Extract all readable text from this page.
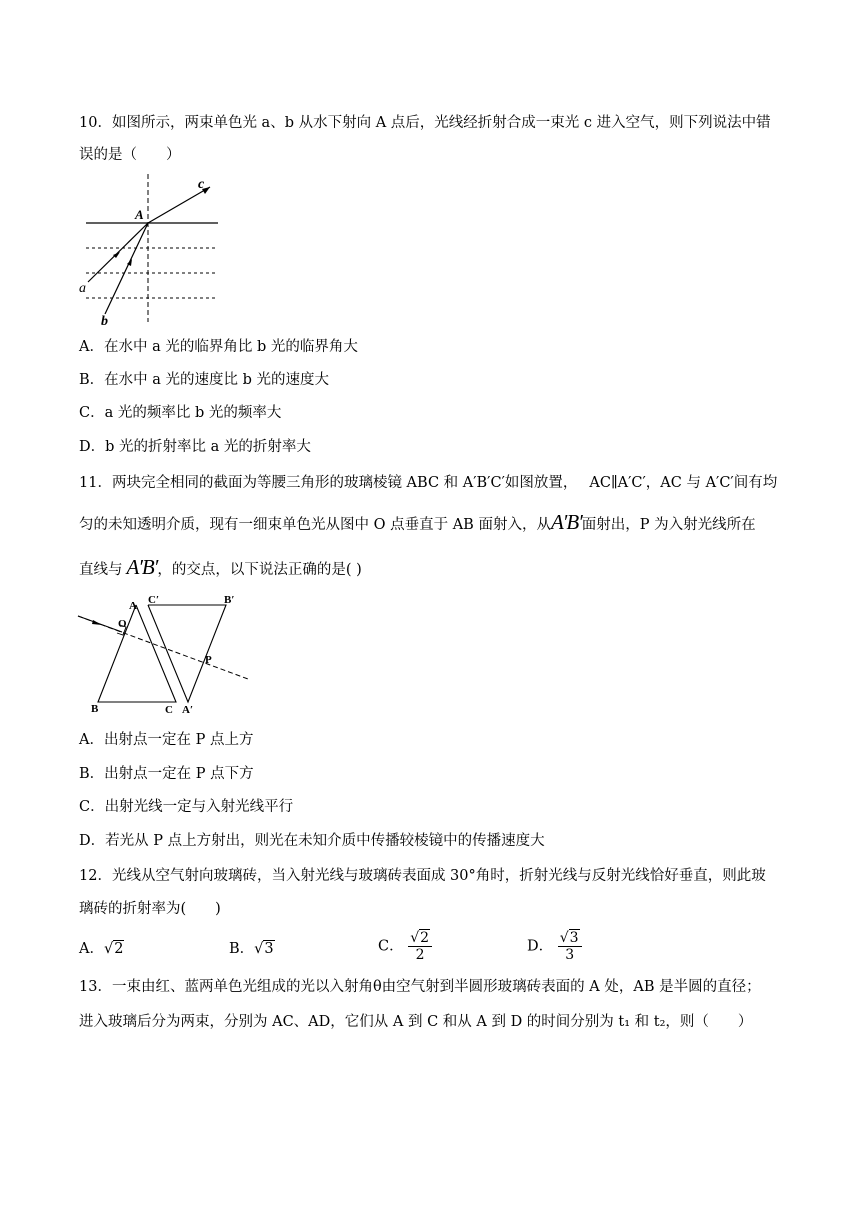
10．如图所示，两束单色光 a、b 从水下射向 A 点后，光线经折射合成一束光 c 进入空气，则下列说法中错
误的是（　　）
A
a
b
c
A．在水中 a 光的临界角比 b 光的临界角大
B．在水中 a 光的速度比 b 光的速度大
C．a 光的频率比 b 光的频率大
D．b 光的折射率比 a 光的折射率大
11．两块完全相同的截面为等腰三角形的玻璃棱镜 ABC 和 A′B′C′如图放置， AC∥A′C′，AC 与 A′C′间有均
匀的未知透明介质，现有一细束单色光从图中 O 点垂直于 AB 面射入，从A′B′面射出，P 为入射光线所在
直线与 A′B′，的交点，以下说法正确的是( )
A C′	B′
O
P
B	C A′
A．出射点一定在 P 点上方
B．出射点一定在 P 点下方
C．出射光线一定与入射光线平行
D．若光从 P 点上方射出，则光在未知介质中传播较棱镜中的传播速度大
12．光线从空气射向玻璃砖，当入射光线与玻璃砖表面成 30°角时，折射光线与反射光线恰好垂直，则此玻
璃砖的折射率为(　　)
A．√2	B．√3	C． $\frac{√2}{2}$	D． $\frac{√3}{3}$
13．一束由红、蓝两单色光组成的光以入射角θ由空气射到半圆形玻璃砖表面的 A 处，AB 是半圆的直径；
进入玻璃后分为两束，分别为 AC、AD，它们从 A 到 C 和从 A 到 D 的时间分别为 t₁ 和 t₂，则（　　）
